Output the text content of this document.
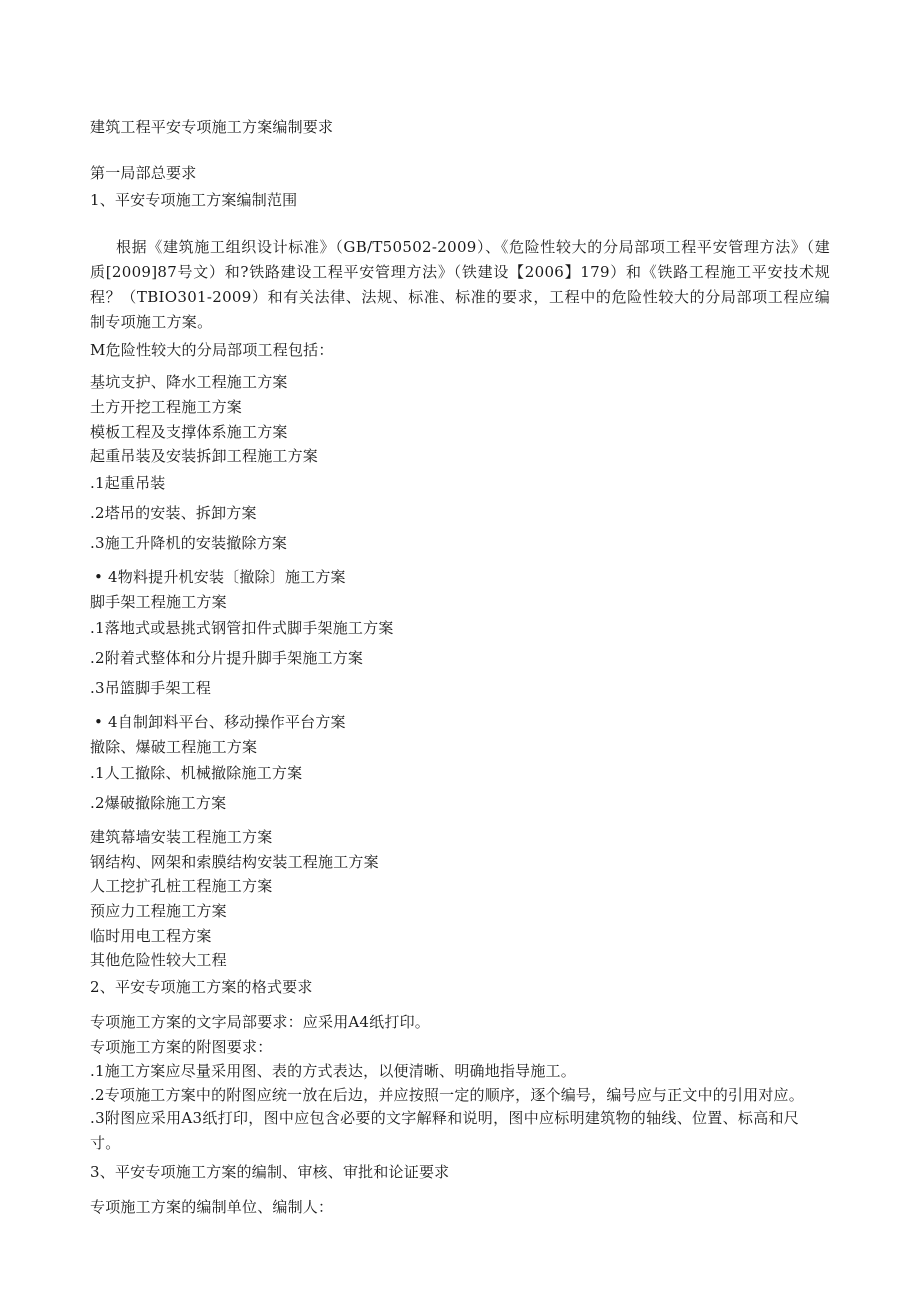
建筑工程平安专项施工方案编制要求
第一局部总要求
1、平安专项施工方案编制范围
根据《建筑施工组织设计标准》（GB/T50502-2009）、《危险性较大的分局部项工程平安管理方法》（建质[2009]87号文）和?铁路建设工程平安管理方法》（铁建设【2006】179）和《铁路工程施工平安技术规程？（TBIO301-2009）和有关法律、法规、标准、标准的要求，工程中的危险性较大的分局部项工程应编制专项施工方案。
M危险性较大的分局部项工程包括：
基坑支护、降水工程施工方案
土方开挖工程施工方案
模板工程及支撑体系施工方案
起重吊装及安装拆卸工程施工方案
.1起重吊装
.2塔吊的安装、拆卸方案
.3施工升降机的安装撤除方案
• 4物料提升机安装〔撤除〕施工方案
脚手架工程施工方案
.1落地式或悬挑式钢管扣件式脚手架施工方案
.2附着式整体和分片提升脚手架施工方案
.3吊篮脚手架工程
• 4自制卸料平台、移动操作平台方案
撤除、爆破工程施工方案
.1人工撤除、机械撤除施工方案
.2爆破撤除施工方案
建筑幕墙安装工程施工方案
钢结构、网架和索膜结构安装工程施工方案
人工挖扩孔桩工程施工方案
预应力工程施工方案
临时用电工程方案
其他危险性较大工程
2、平安专项施工方案的格式要求
专项施工方案的文字局部要求：应采用A4纸打印。
专项施工方案的附图要求：
.1施工方案应尽量采用图、表的方式表达，以便清晰、明确地指导施工。
.2专项施工方案中的附图应统一放在后边，并应按照一定的顺序，逐个编号，编号应与正文中的引用对应。
.3附图应采用A3纸打印，图中应包含必要的文字解释和说明，图中应标明建筑物的轴线、位置、标高和尺寸。
3、平安专项施工方案的编制、审核、审批和论证要求
专项施工方案的编制单位、编制人：
